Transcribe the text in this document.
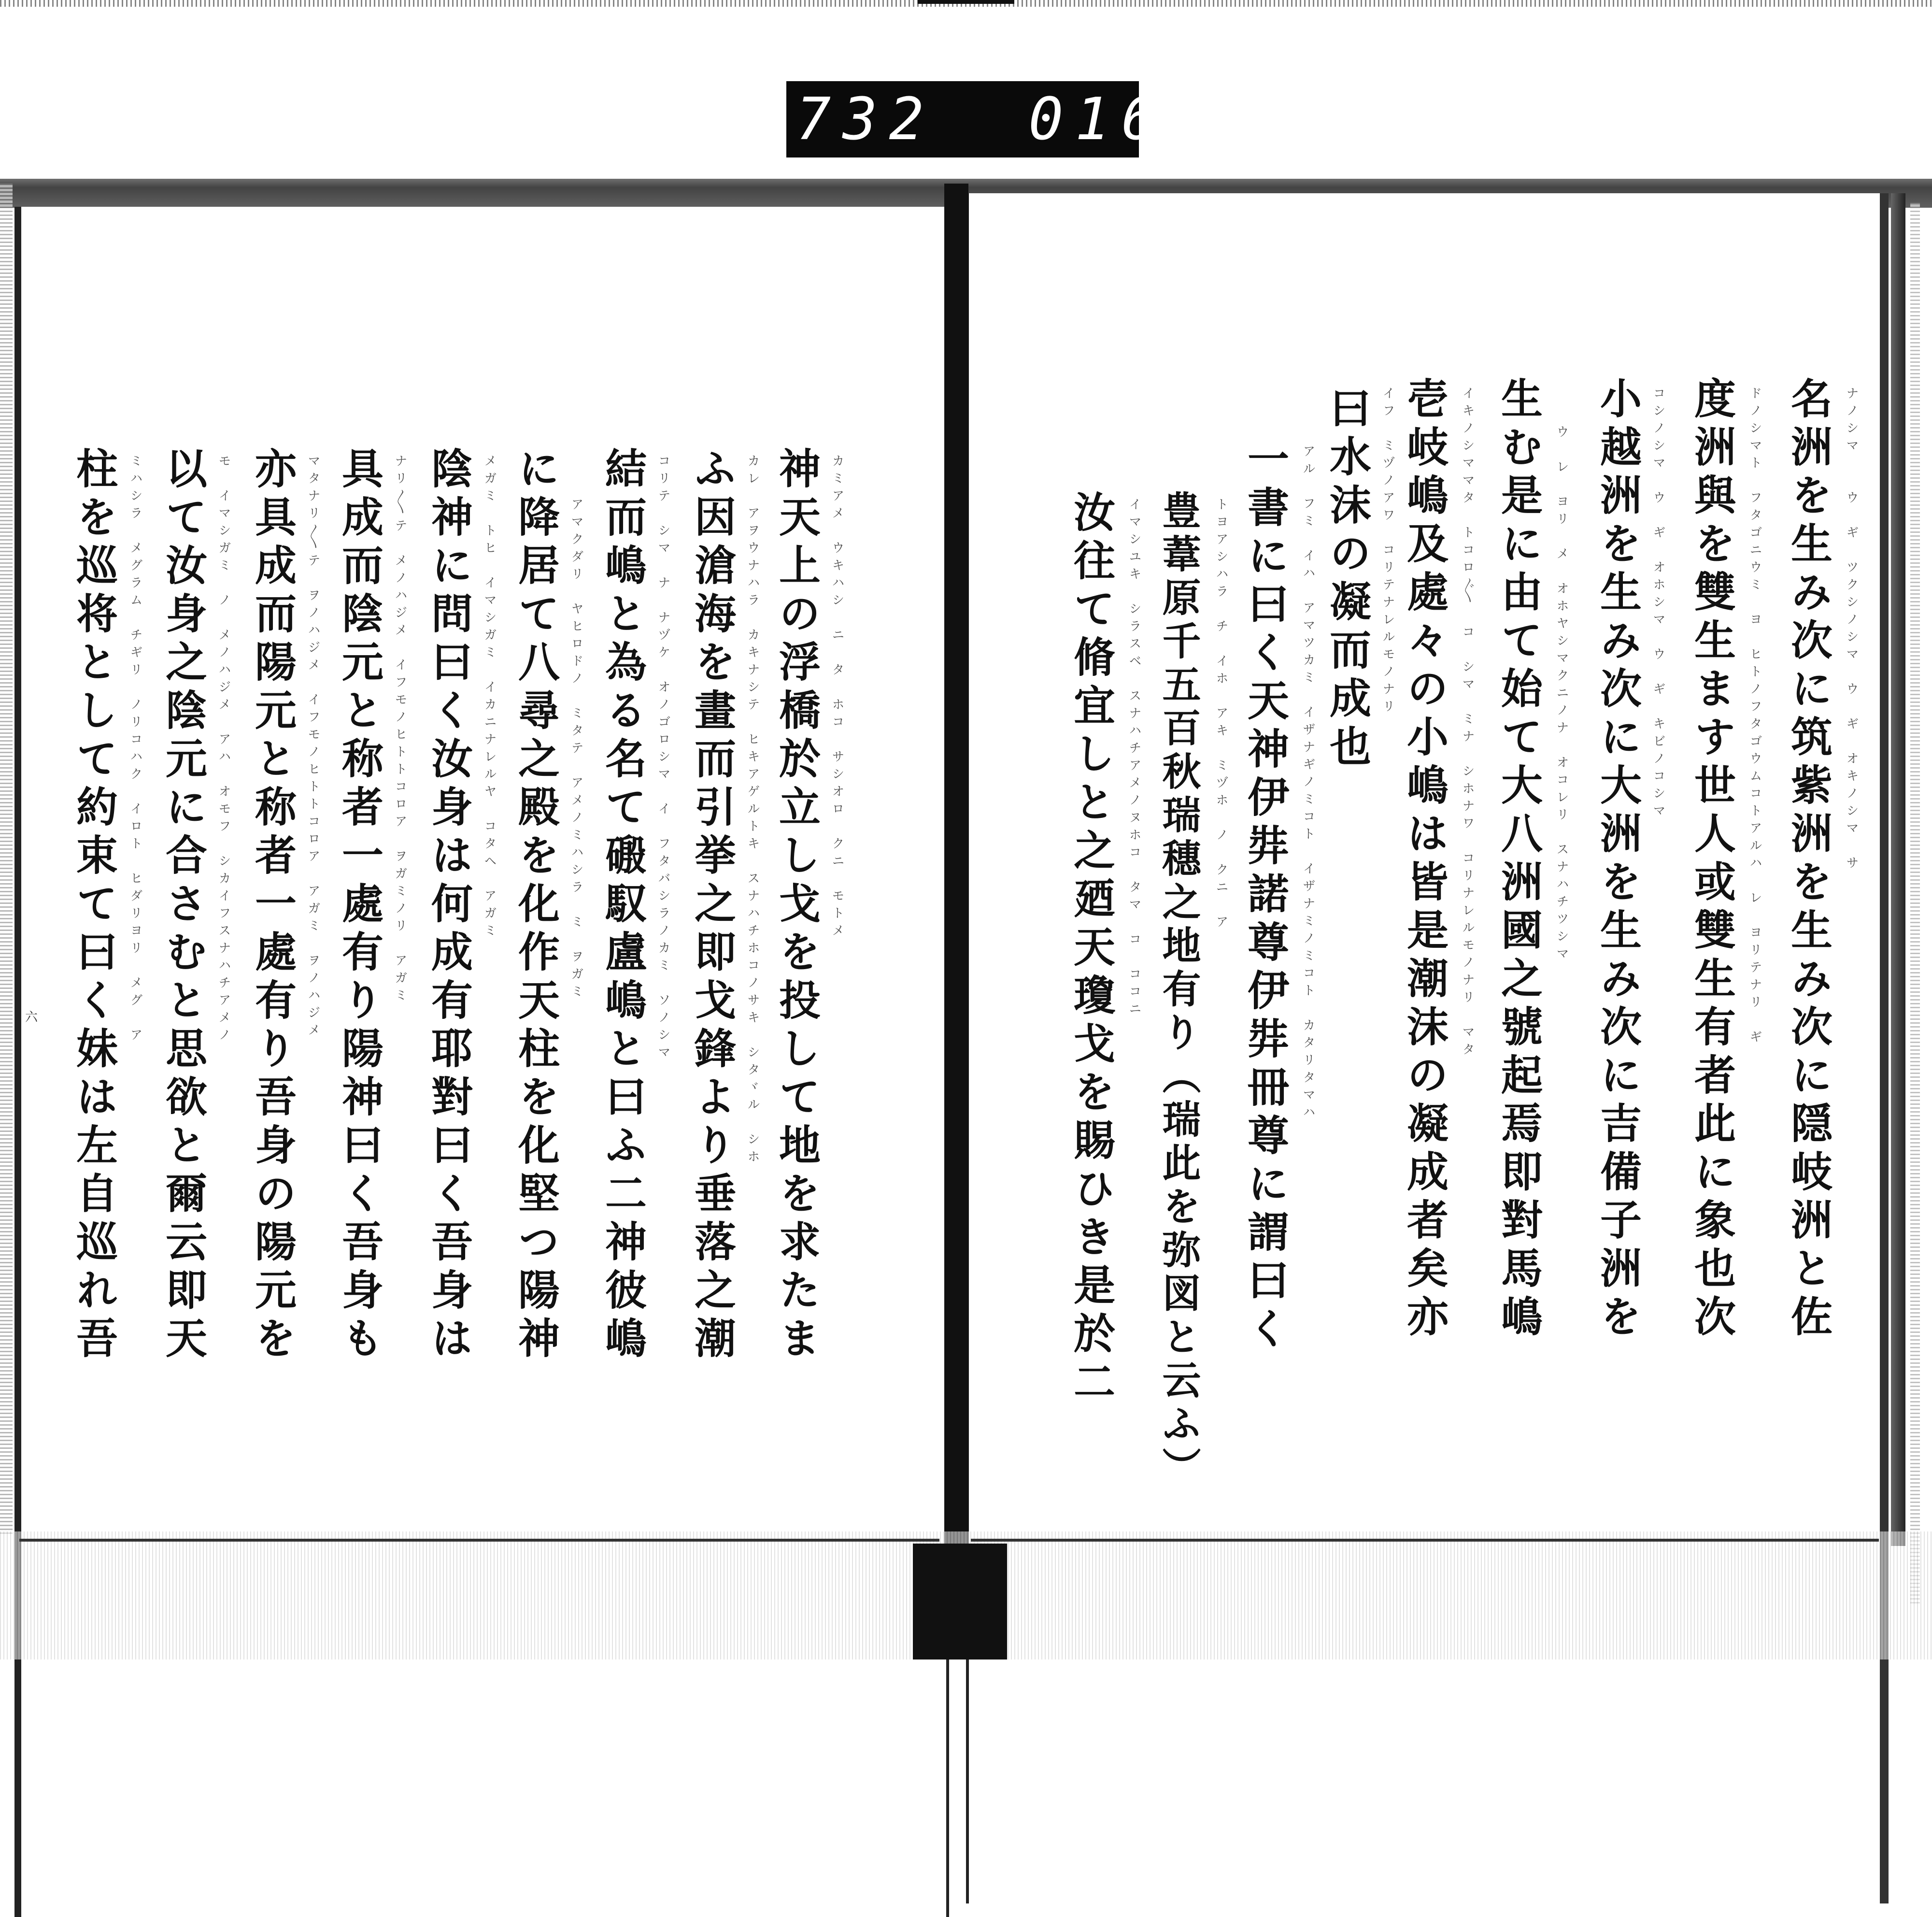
732  016
名洲を生み次に筑紫洲を生み次に隠岐洲と佐
度洲與を雙生ます世人或雙生有者此に象也次
小越洲を生み次に大洲を生み次に吉備子洲を
生む是に由て始て大八洲國之號起焉即對馬嶋
壱岐嶋及處々の小嶋は皆是潮沫の凝成者矣亦
曰水沫の凝而成也
一書に曰く天神伊弉諾尊伊弉冊尊に謂曰く
豊葦原千五百秋瑞穗之地有り（瑞此を弥図と云ふ）
汝往て脩宜しと之廼天瓊戈を賜ひき是於二	ナノシマ　　ウ　ギ　ツクシノシマ　ウ　ギ　オキノシマ　サ
ドノシマト　フタゴニウミ　ヨ　ヒトノフタゴウムコトアルハ　レ　ヨリテナリ　ギ
コシノシマ　ウ　ギ　オホシマ　ウ　ギ　キビノコシマ
ウ　レ　ヨリ　メ　オホヤシマクニノナ　オコレリ　スナハチツシマ
イキノシママタ　トコロ〲　コ　シマ　ミナ　シホナワ　コリナレルモノナリ　マタ
イフ　ミヅノアワ　コリテナレルモノナリ
アル　フミ　イハ　アマツカミ　イザナギノミコト　イザナミノミコト　カタリタマハ
トヨアシハラ　チ　イホ　アキ　ミヅホ　ノ　クニ　ア
イマシユキ　シラスベ　スナハチアメノヌホコ　タマ　コ　ココニ
神天上の浮橋於立し戈を投して地を求たま
ふ因滄海を畫而引挙之即戈鋒より垂落之潮
結而嶋と為る名て磤馭盧嶋と曰ふ二神彼嶋
に降居て八尋之殿を化作天柱を化堅つ陽神
陰神に問曰く汝身は何成有耶對曰く吾身は
具成而陰元と称者一處有り陽神曰く吾身も
亦具成而陽元と称者一處有り吾身の陽元を
以て汝身之陰元に合さむと思欲と爾云即天
柱を巡将として約束て曰く妹は左自巡れ吾	カミアメ　ウキハシ　ニ　タ　ホコ　サシオロ　クニ　モトメ
カレ　アヲウナハラ　カキナシテ　ヒキアゲルトキ　スナハチホコノサキ　シタヾル　シホ
コリテ　シマ　ナ　ナヅケ　オノゴロシマ　イ　フタバシラノカミ　ソノシマ
アマクダリ　ヤヒロドノ　ミタテ　アメノミハシラ　ミ　ヲガミ
メガミ　トヒ　イマシガミ　イカニナレルヤ　コタヘ　アガミ
ナリ〳〵テ　メノハジメ　イフモノヒトトコロア　ヲガミノリ　アガミ
マタナリ〳〵テ　ヲノハジメ　イフモノヒトトコロア　アガミ　ヲノハジメ
モ　イマシガミ　ノ　メノハジメ　アハ　オモフ　シカイフスナハチアメノ
ミハシラ　メグラム　チギリ　ノリコハク　イロト　ヒダリヨリ　メグ　ア
六
